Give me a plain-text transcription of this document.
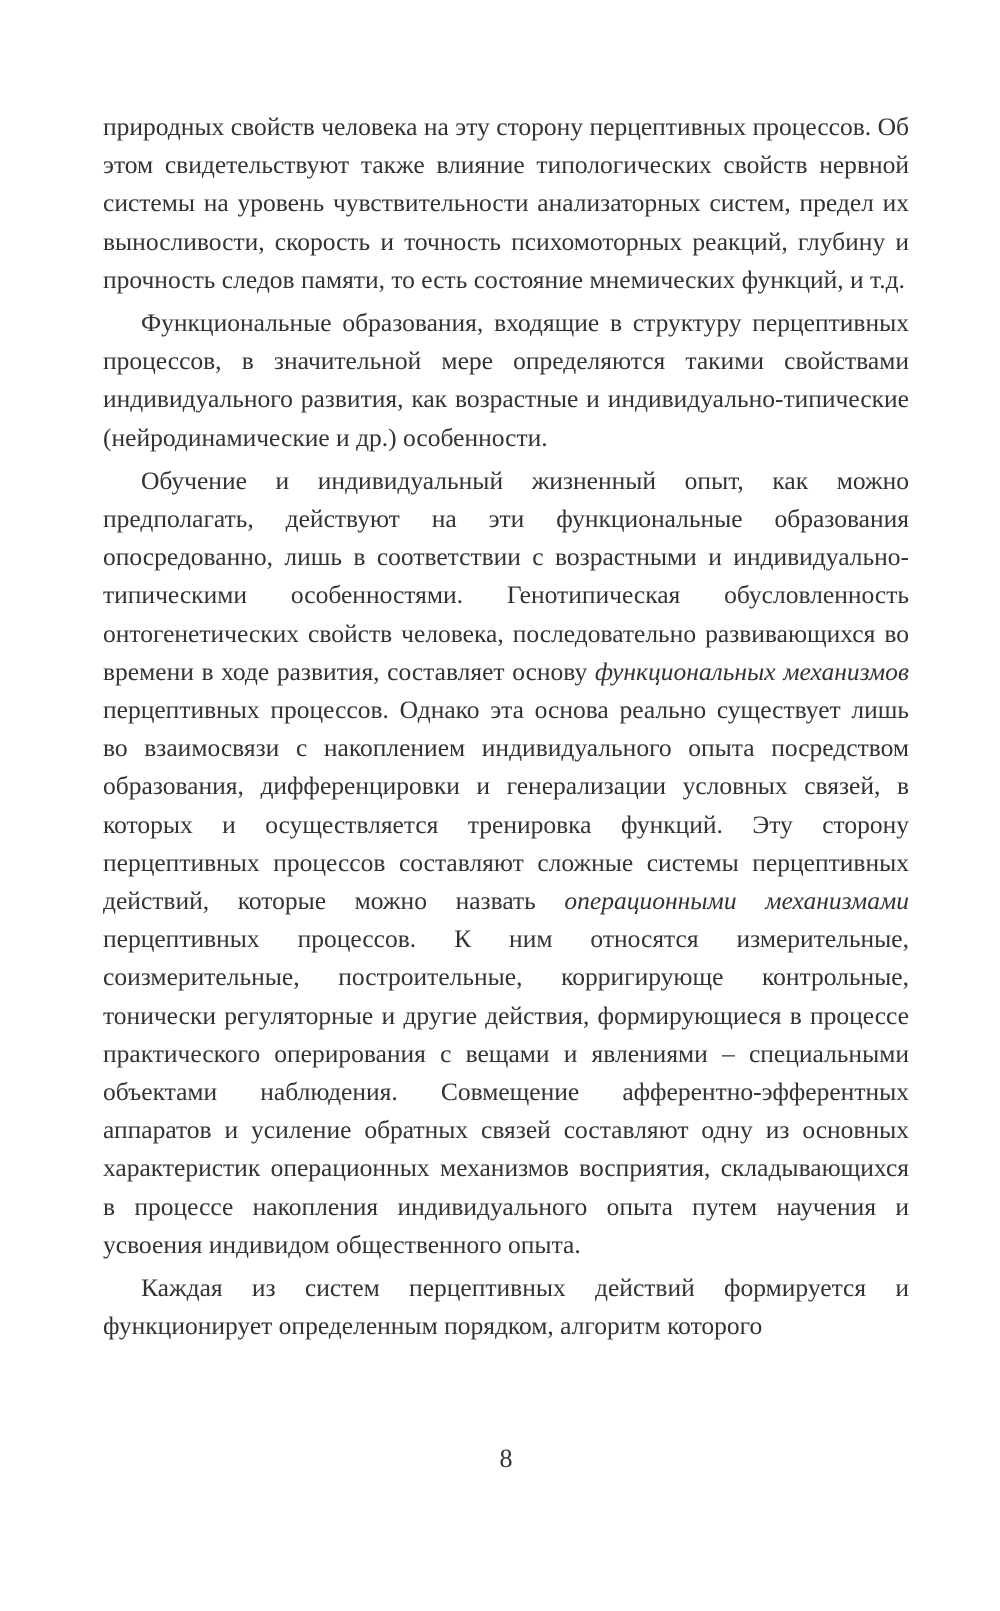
природных свойств человека на эту сторону перцептивных процессов. Об этом свидетельствуют также влияние типологических свойств нервной системы на уровень чувствительности анализаторных систем, предел их выносливости, скорость и точность психомоторных реакций, глубину и прочность следов памяти, то есть состояние мнемических функций, и т.д.

Функциональные образования, входящие в структуру перцептивных процессов, в значительной мере определяются такими свойствами индивидуального развития, как возрастные и индивидуально-типические (нейродинамические и др.) особенности.

Обучение и индивидуальный жизненный опыт, как можно предполагать, действуют на эти функциональные образования опосредованно, лишь в соответствии с возрастными и индивидуально-типическими особенностями. Генотипическая обусловленность онтогенетических свойств человека, последовательно развивающихся во времени в ходе развития, составляет основу функциональных механизмов перцептивных процессов. Однако эта основа реально существует лишь во взаимосвязи с накоплением индивидуального опыта посредством образования, дифференцировки и генерализации условных связей, в которых и осуществляется тренировка функций. Эту сторону перцептивных процессов составляют сложные системы перцептивных действий, которые можно назвать операционными механизмами перцептивных процессов. К ним относятся измерительные, соизмерительные, построительные, корригирующе контрольные, тонически регуляторные и другие действия, формирующиеся в процессе практического оперирования с вещами и явлениями – специальными объектами наблюдения. Совмещение афферентно-эфферентных аппаратов и усиление обратных связей составляют одну из основных характеристик операционных механизмов восприятия, складывающихся в процессе накопления индивидуального опыта путем научения и усвоения индивидом общественного опыта.

Каждая из систем перцептивных действий формируется и функционирует определенным порядком, алгоритм которого

8
